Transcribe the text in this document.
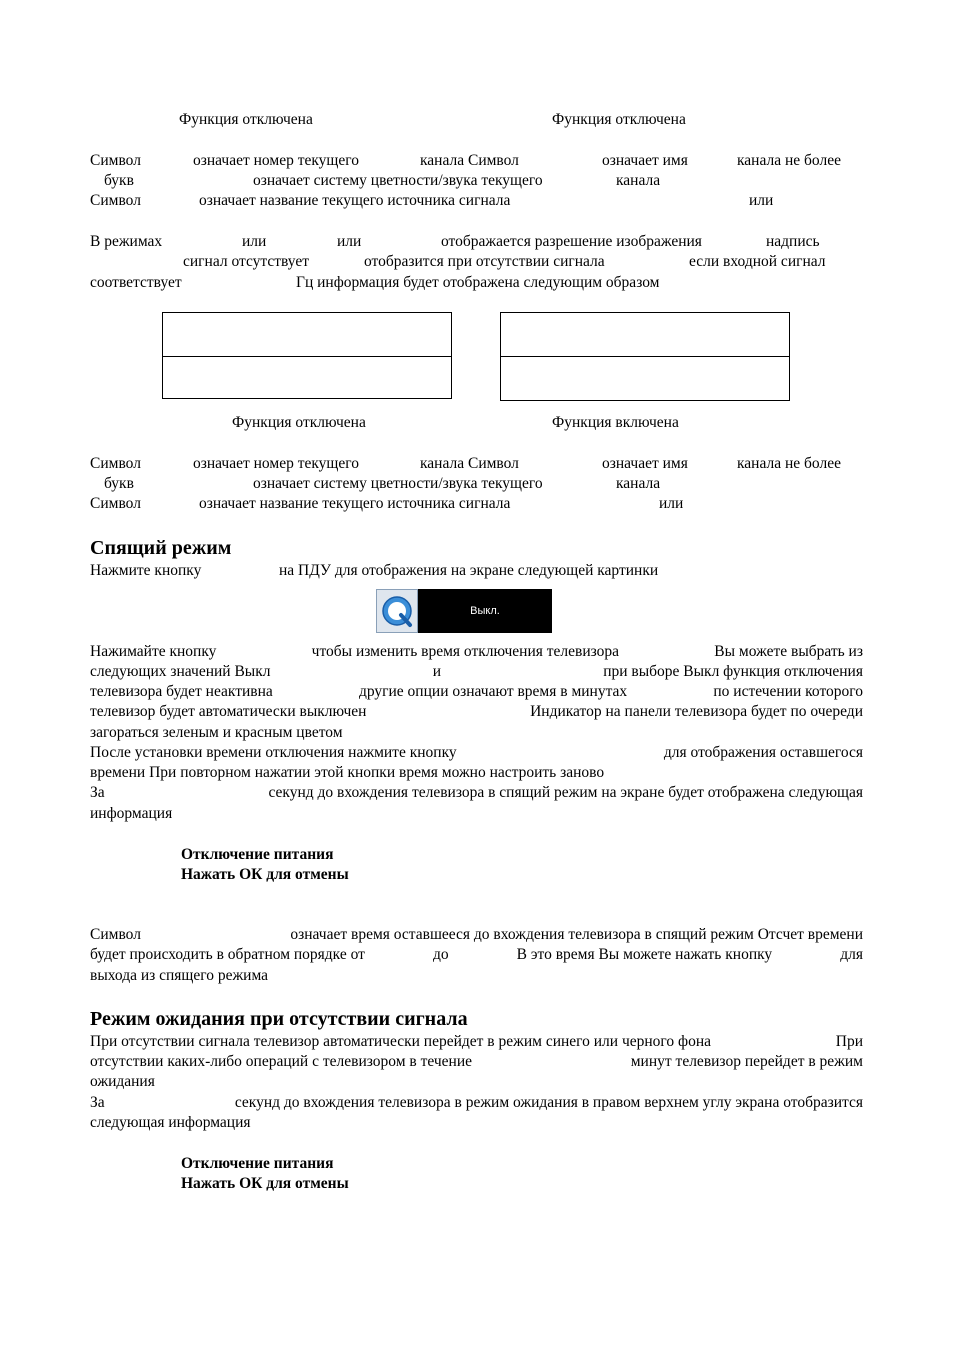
Функция отключена	Функция отключена
Символ	означает номер текущего	канала Символ	означает имя	канала не более
букв	означает систему цветности/звука текущего	канала
Символ	означает название текущего источника сигнала	или
В режимах	или	или	отображается разрешение изображения	надпись
сигнал отсутствует	отобразится при отсутствии сигнала	если входной сигнал
соответствует	Гц информация будет отображена следующим образом
Функция отключена	Функция включена
Символ	означает номер текущего	канала Символ	означает имя	канала не более
букв	означает систему цветности/звука текущего	канала
Символ	означает название текущего источника сигнала	или
Спящий режим
Нажмите кнопку	на ПДУ для отображения на экране следующей картинки
Выкл.
Нажимайте кнопку	чтобы изменить время отключения телевизора	Вы можете выбрать из
следующих значений Выкл	и	при выборе Выкл функция отключения
телевизора будет неактивна	другие опции означают время в минутах	по истечении которого
телевизор будет автоматически выключен	Индикатор на панели телевизора будет по очереди
загораться зеленым и красным цветом
После установки времени отключения нажмите кнопку	для отображения оставшегося
времени При повторном нажатии этой кнопки время можно настроить заново
За	секунд до вхождения телевизора в спящий режим на экране будет отображена следующая
информация
Отключение питания
Нажать ОК для отмены
Символ	означает время оставшееся до вхождения телевизора в спящий режим Отсчет времени
будет происходить в обратном порядке от	до	В это время Вы можете нажать кнопку	для
выхода из спящего режима
Режим ожидания при отсутствии сигнала
При отсутствии сигнала телевизор автоматически перейдет в режим синего или черного фона	При
отсутствии каких-либо операций с телевизором в течение	минут телевизор перейдет в режим
ожидания
За	секунд до вхождения телевизора в режим ожидания в правом верхнем углу экрана отобразится
следующая информация
Отключение питания
Нажать ОК для отмены
